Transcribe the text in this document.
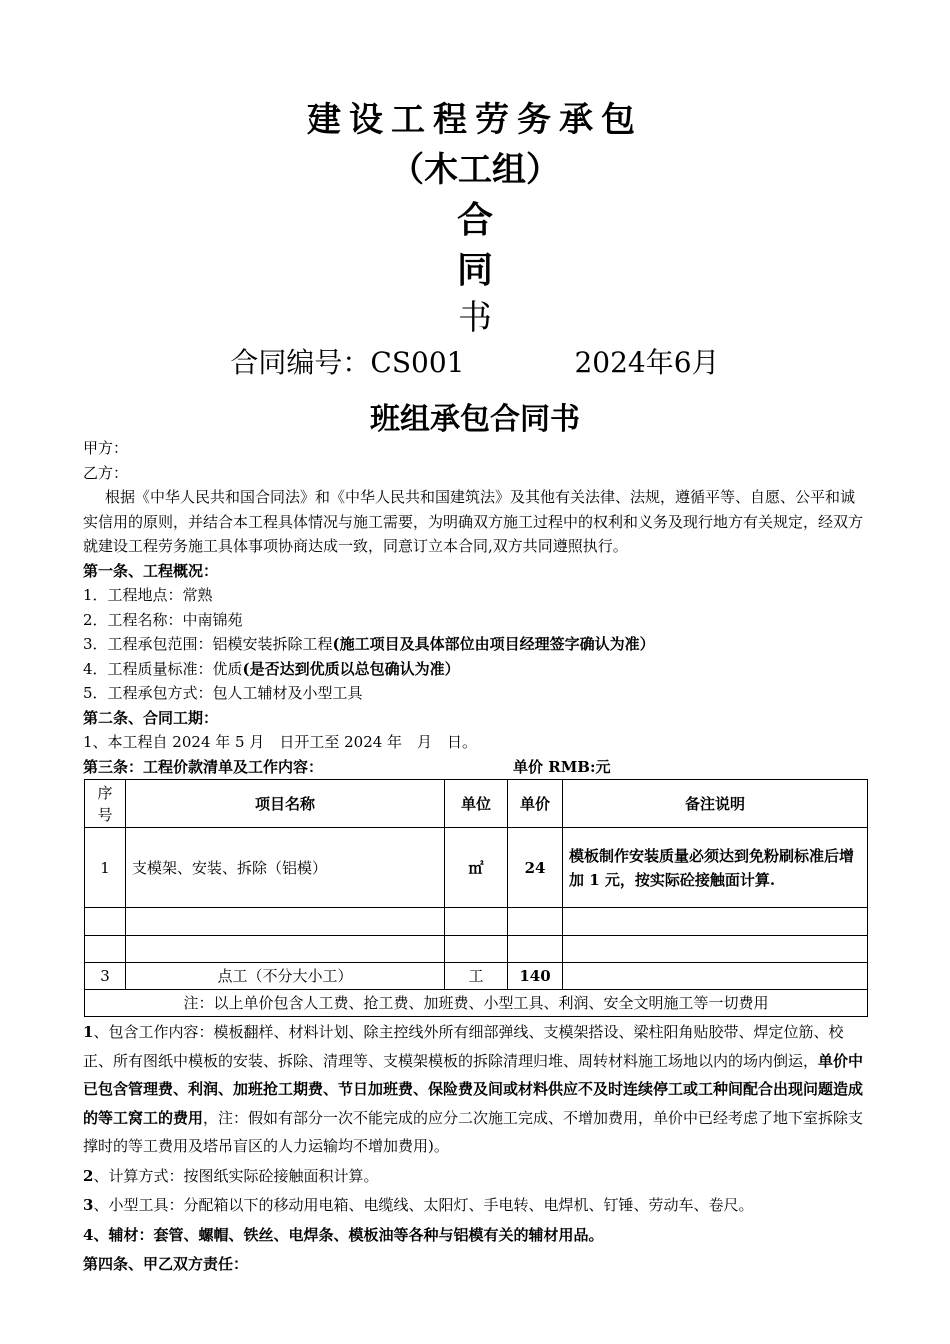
建设工程劳务承包
（木工组）
合
同
书
合同编号：CS001	2024年6月
班组承包合同书

甲方：

乙方：

根据《中华人民共和国合同法》和《中华人民共和国建筑法》及其他有关法律、法规，遵循平等、自愿、公平和诚实信用的原则，并结合本工程具体情况与施工需要，为明确双方施工过程中的权利和义务及现行地方有关规定，经双方就建设工程劳务施工具体事项协商达成一致，同意订立本合同,双方共同遵照执行。

第一条、工程概况：

1．工程地点：常熟

2．工程名称：中南锦苑

3．工程承包范围：铝模安装拆除工程(施工项目及具体部位由项目经理签字确认为准）

4．工程质量标准：优质(是否达到优质以总包确认为准）

5．工程承包方式：包人工辅材及小型工具

第二条、合同工期：

1、本工程自 2024 年 5 月　日开工至 2024 年　月　日。

第三条：工程价款清单及工作内容：	单价 RMB:元

序号	项目名称	单位	单价	备注说明
1	支模架、安装、拆除（铝模）	㎡	24	模板制作安装质量必须达到免粉刷标准后增加 1 元，按实际砼接触面计算.

3	点工（不分大小工）	工	140	
注：以上单价包含人工费、抢工费、加班费、小型工具、利润、安全文明施工等一切费用				

1、包含工作内容：模板翻样、材料计划、除主控线外所有细部弹线、支模架搭设、梁柱阳角贴胶带、焊定位筋、校正、所有图纸中模板的安装、拆除、清理等、支模架模板的拆除清理归堆、周转材料施工场地以内的场内倒运，单价中已包含管理费、利润、加班抢工期费、节日加班费、保险费及间或材料供应不及时连续停工或工种间配合出现问题造成的等工窝工的费用，注：假如有部分一次不能完成的应分二次施工完成、不增加费用，单价中已经考虑了地下室拆除支撑时的等工费用及塔吊盲区的人力运输均不增加费用)。

2、计算方式：按图纸实际砼接触面积计算。

3、小型工具：分配箱以下的移动用电箱、电缆线、太阳灯、手电转、电焊机、钉锤、劳动车、卷尺。

4、辅材：套管、螺帽、铁丝、电焊条、模板油等各种与铝模有关的辅材用品。

第四条、甲乙双方责任：
